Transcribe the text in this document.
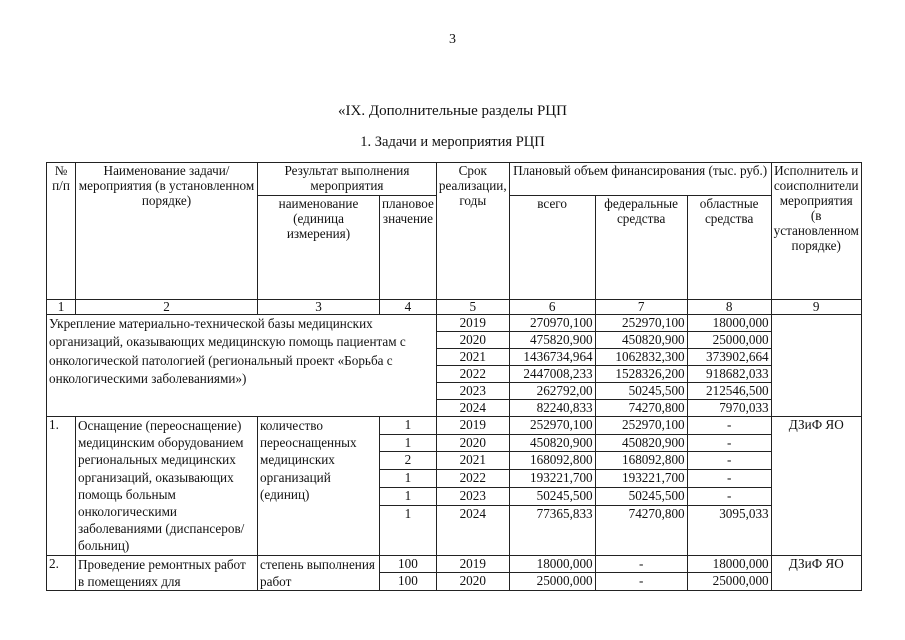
3
«IX. Дополнительные разделы РЦП
1. Задачи и мероприятия РЦП
№ п/п	Наименование задачи/мероприятия (в установленном порядке)	Результат выполнения мероприятия		Срок реализации, годы	Плановый объем финансирования (тыс. руб.)			Исполнитель и соисполнители мероприятия (в установленном порядке)
		наименование (единица измерения)	плановое значение		всего	федеральные средства	областные средства	
1	2	3	4	5	6	7	8	9
Укрепление материально-технической базы медицинских организаций, оказывающих медицинскую помощь пациентам с онкологической патологией (региональный проект «Борьба с онкологическими заболеваниями»)				2019	270970,100	252970,100	18000,000	
				2020	475820,900	450820,900	25000,000	
				2021	1436734,964	1062832,300	373902,664	
				2022	2447008,233	1528326,200	918682,033	
				2023	262792,00	50245,500	212546,500	
				2024	82240,833	74270,800	7970,033	
1.	Оснащение (переоснащение) медицинским оборудованием региональных медицинских организаций, оказывающих помощь больным онкологическими заболеваниями (диспансеров/больниц)	количество переоснащенных медицинских организаций (единиц)	1	2019	252970,100	252970,100	-	ДЗиФ ЯО
			1	2020	450820,900	450820,900	-	
			2	2021	168092,800	168092,800	-	
			1	2022	193221,700	193221,700	-	
			1	2023	50245,500	50245,500	-	
			1	2024	77365,833	74270,800	3095,033	
2.	Проведение ремонтных работ в помещениях для	степень выполнения работ	100	2019	18000,000	-	18000,000	ДЗиФ ЯО
			100	2020	25000,000	-	25000,000	
